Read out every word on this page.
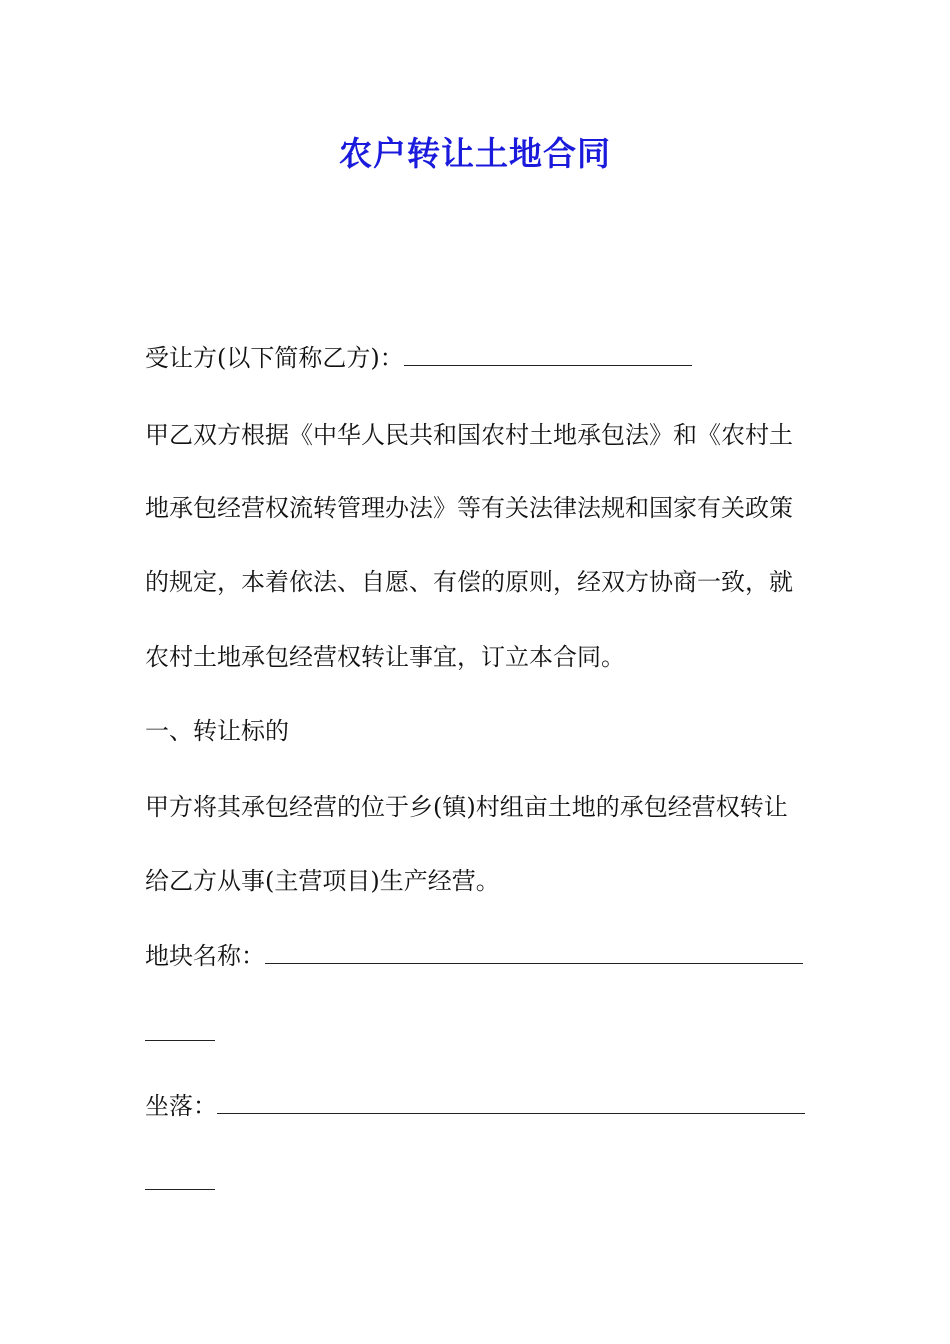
农户转让土地合同
受让方(以下简称乙方)：
甲乙双方根据《中华人民共和国农村土地承包法》和《农村土
地承包经营权流转管理办法》等有关法律法规和国家有关政策
的规定，本着依法、自愿、有偿的原则，经双方协商一致，就
农村土地承包经营权转让事宜，订立本合同。
一、转让标的
甲方将其承包经营的位于乡(镇)村组亩土地的承包经营权转让
给乙方从事(主营项目)生产经营。
地块名称：
坐落：
